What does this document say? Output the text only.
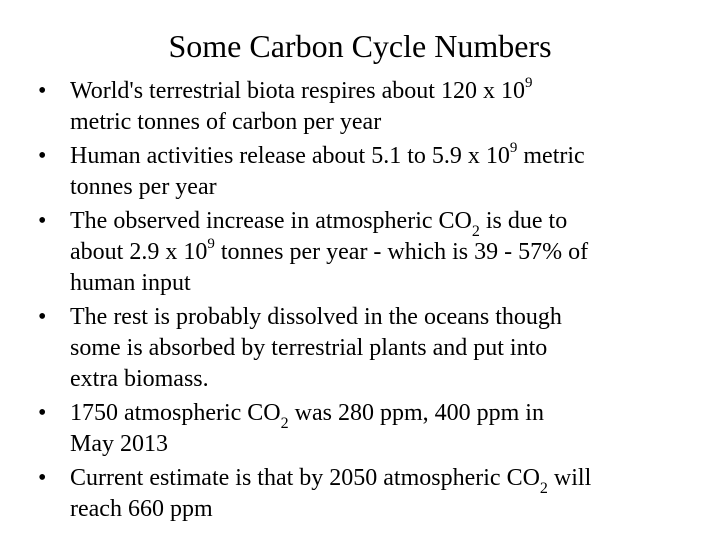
Some Carbon Cycle Numbers
• World's terrestrial biota respires about 120 x $10^9$
metric tonnes of carbon per year
• Human activities release about 5.1 to 5.9 x $10^9$ metric
tonnes per year
• The observed increase in atmospheric $CO_2$ is due to
about 2.9 x $10^9$ tonnes per year - which is 39 - 57% of
human input
• The rest is probably dissolved in the oceans though
some is absorbed by terrestrial plants and put into
extra biomass.
• 1750 atmospheric $CO_2$ was 280 ppm, 400 ppm in
May 2013
• Current estimate is that by 2050 atmospheric $CO_2$ will
reach 660 ppm
